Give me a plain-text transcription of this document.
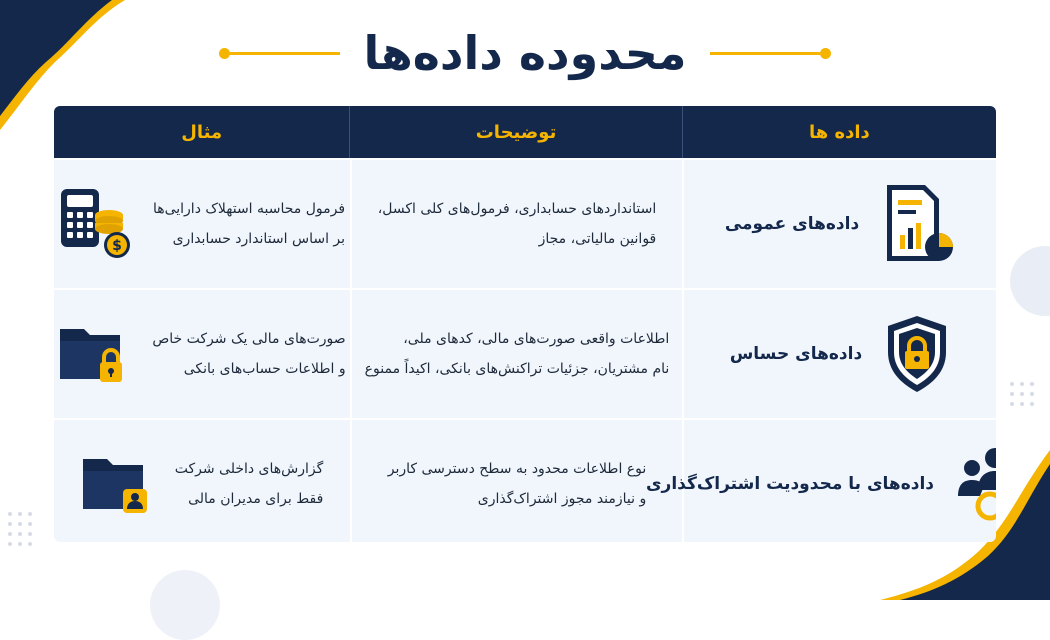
محدوده داده‌ها
داده ها
توضیحات
مثال
داده‌های عمومی
استانداردهای حسابداری، فرمول‌های کلی اکسل،
قوانین مالیاتی، مجاز
فرمول محاسبه استهلاک دارایی‌ها
بر اساس استاندارد حسابداری
$
داده‌های حساس
اطلاعات واقعی صورت‌های مالی، کدهای ملی،
نام مشتریان، جزئیات تراکنش‌های بانکی، اکیداً ممنوع
صورت‌های مالی یک شرکت خاص
و اطلاعات حساب‌های بانکی
داده‌های با محدودیت اشتراک‌گذاری
نوع اطلاعات محدود به سطح دسترسی کاربر
و نیازمند مجوز اشتراک‌گذاری
گزارش‌های داخلی شرکت
فقط برای مدیران مالی
